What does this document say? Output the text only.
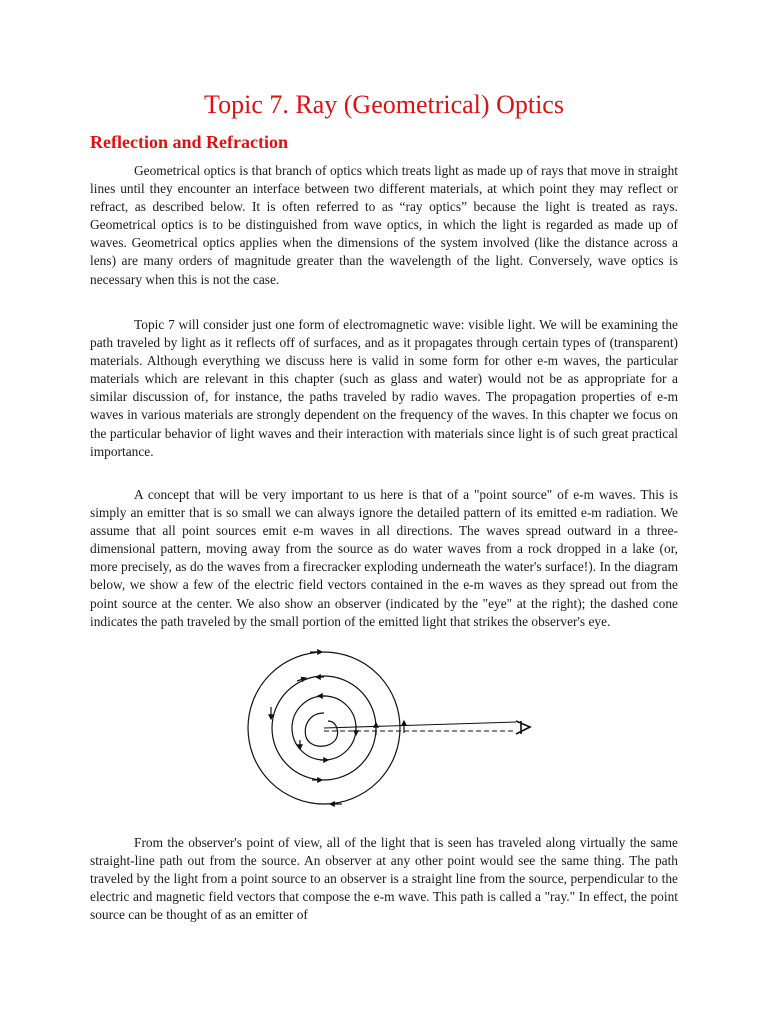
Topic 7. Ray (Geometrical) Optics
Reflection and Refraction

Geometrical optics is that branch of optics which treats light as made up of rays that move in straight lines until they encounter an interface between two different materials, at which point they may reflect or refract, as described below. It is often referred to as “ray optics” because the light is treated as rays. Geometrical optics is to be distinguished from wave optics, in which the light is regarded as made up of waves. Geometrical optics applies when the dimensions of the system involved (like the distance across a lens) are many orders of magnitude greater than the wavelength of the light. Conversely, wave optics is necessary when this is not the case.

Topic 7 will consider just one form of electromagnetic wave: visible light. We will be examining the path traveled by light as it reflects off of surfaces, and as it propagates through certain types of (transparent) materials. Although everything we discuss here is valid in some form for other e-m waves, the particular materials which are relevant in this chapter (such as glass and water) would not be as appropriate for a similar discussion of, for instance, the paths traveled by radio waves. The propagation properties of e-m waves in various materials are strongly dependent on the frequency of the waves. In this chapter we focus on the particular behavior of light waves and their interaction with materials since light is of such great practical importance.

A concept that will be very important to us here is that of a "point source" of e-m waves. This is simply an emitter that is so small we can always ignore the detailed pattern of its emitted e-m radiation. We assume that all point sources emit e-m waves in all directions. The waves spread outward in a three-dimensional pattern, moving away from the source as do water waves from a rock dropped in a lake (or, more precisely, as do the waves from a firecracker exploding underneath the water's surface!). In the diagram below, we show a few of the electric field vectors contained in the e-m waves as they spread out from the point source at the center. We also show an observer (indicated by the "eye" at the right); the dashed cone indicates the path traveled by the small portion of the emitted light that strikes the observer's eye.

From the observer's point of view, all of the light that is seen has traveled along virtually the same straight-line path out from the source. An observer at any other point would see the same thing. The path traveled by the light from a point source to an observer is a straight line from the source, perpendicular to the electric and magnetic field vectors that compose the e-m wave. This path is called a "ray." In effect, the point source can be thought of as an emitter of
